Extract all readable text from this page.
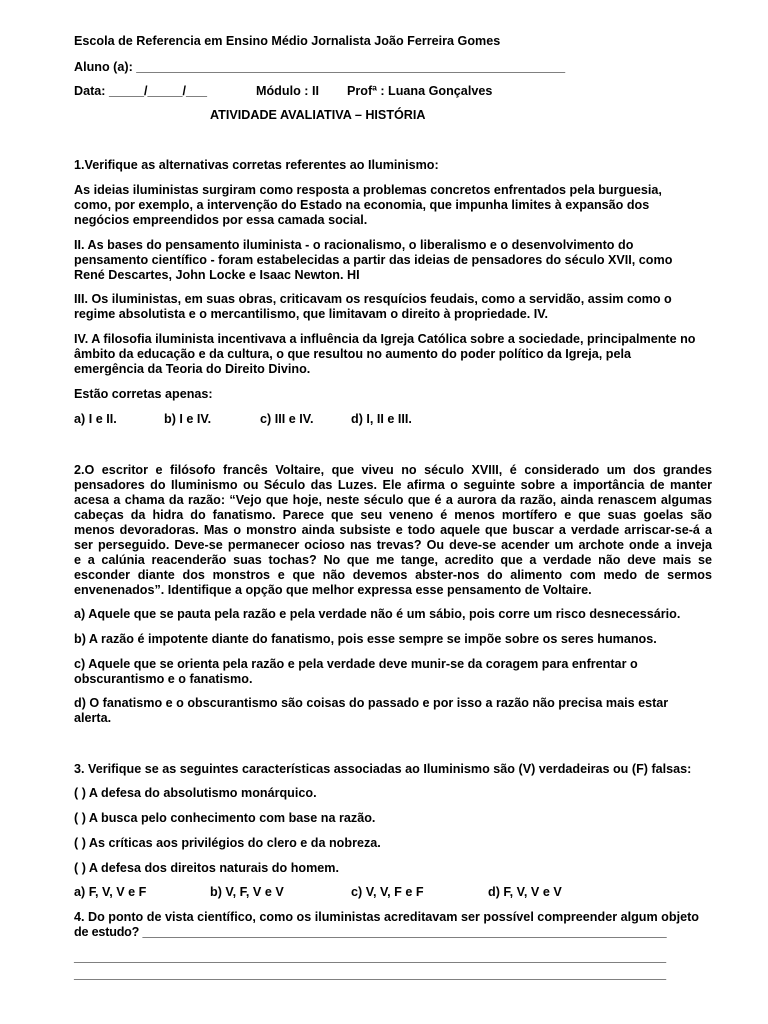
Escola de Referencia em Ensino Médio Jornalista João Ferreira Gomes

Aluno (a): _______________________________________________________________

Data: _____/_____/___	Módulo : II Profª : Luana Gonçalves

ATIVIDADE AVALIATIVA – HISTÓRIA

1.Verifique as alternativas corretas referentes ao Iluminismo:

As ideias iluministas surgiram como resposta a problemas concretos enfrentados pela burguesia,

como, por exemplo, a intervenção do Estado na economia, que impunha limites à expansão dos

negócios empreendidos por essa camada social.

II. As bases do pensamento iluminista - o racionalismo, o liberalismo e o desenvolvimento do

pensamento científico - foram estabelecidas a partir das ideias de pensadores do século XVII, como

René Descartes, John Locke e Isaac Newton. HI

III. Os iluministas, em suas obras, criticavam os resquícios feudais, como a servidão, assim como o

regime absolutista e o mercantilismo, que limitavam o direito à propriedade. IV.

IV. A filosofia iluminista incentivava a influência da Igreja Católica sobre a sociedade, principalmente no

âmbito da educação e da cultura, o que resultou no aumento do poder político da Igreja, pela

emergência da Teoria do Direito Divino.

Estão corretas apenas:

a) I e II.	b) I e IV.	c) III e IV.	d) I, II e III.

2.O escritor e filósofo francês Voltaire, que viveu no século XVIII, é considerado um dos grandes

pensadores do Iluminismo ou Século das Luzes. Ele afirma o seguinte sobre a importância de manter

acesa a chama da razão: “Vejo que hoje, neste século que é a aurora da razão, ainda renascem algumas

cabeças da hidra do fanatismo. Parece que seu veneno é menos mortífero e que suas goelas são

menos devoradoras. Mas o monstro ainda subsiste e todo aquele que buscar a verdade arriscar-se-á a

ser perseguido. Deve-se permanecer ocioso nas trevas? Ou deve-se acender um archote onde a inveja

e a calúnia reacenderão suas tochas? No que me tange, acredito que a verdade não deve mais se

esconder diante dos monstros e que não devemos abster-nos do alimento com medo de sermos

envenenados”. Identifique a opção que melhor expressa esse pensamento de Voltaire.

a) Aquele que se pauta pela razão e pela verdade não é um sábio, pois corre um risco desnecessário.

b) A razão é impotente diante do fanatismo, pois esse sempre se impõe sobre os seres humanos.

c) Aquele que se orienta pela razão e pela verdade deve munir-se da coragem para enfrentar o

obscurantismo e o fanatismo.

d) O fanatismo e o obscurantismo são coisas do passado e por isso a razão não precisa mais estar

alerta.

3. Verifique se as seguintes características associadas ao Iluminismo são (V) verdadeiras ou (F) falsas:

( ) A defesa do absolutismo monárquico.

( ) A busca pelo conhecimento com base na razão.

( ) As críticas aos privilégios do clero e da nobreza.

( ) A defesa dos direitos naturais do homem.

a) F, V, V e F	b) V, F, V e V	c) V, V, F e F	d) F, V, V e V

4. Do ponto de vista científico, como os iluministas acreditavam ser possível compreender algum objeto

de estudo? _____________________________________________________________________________

_______________________________________________________________________________________

_______________________________________________________________________________________
